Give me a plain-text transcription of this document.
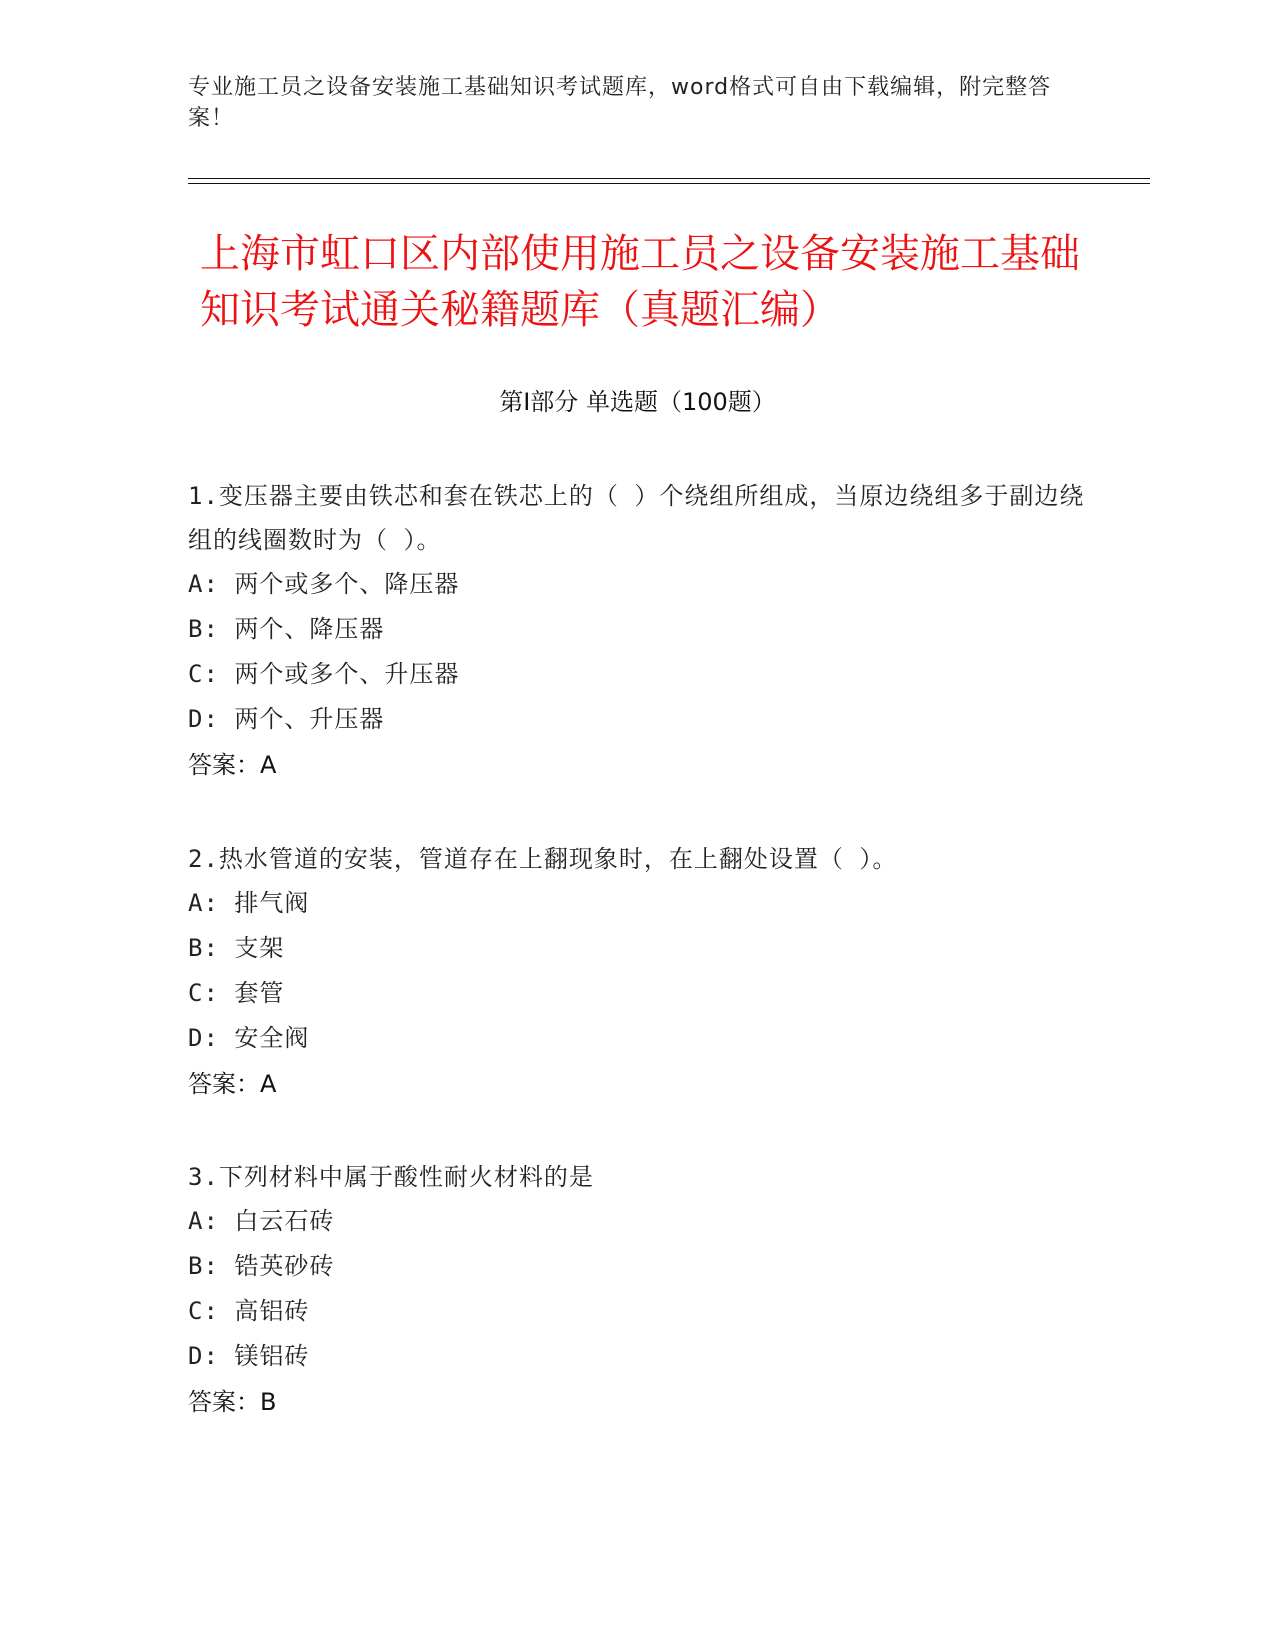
专业施工员之设备安装施工基础知识考试题库，word格式可自由下载编辑，附完整答案！
上海市虹口区内部使用施工员之设备安装施工基础知识考试通关秘籍题库（真题汇编）
第Ⅰ部分 单选题（100题）
1.变压器主要由铁芯和套在铁芯上的（ ）个绕组所组成，当原边绕组多于副边绕组的线圈数时为（ ）。
A: 两个或多个、降压器
B: 两个、降压器
C: 两个或多个、升压器
D: 两个、升压器
答案：A
2.热水管道的安装，管道存在上翻现象时，在上翻处设置（ ）。
A: 排气阀
B: 支架
C: 套管
D: 安全阀
答案：A
3.下列材料中属于酸性耐火材料的是
A: 白云石砖
B: 锆英砂砖
C: 高铝砖
D: 镁铝砖
答案：B
